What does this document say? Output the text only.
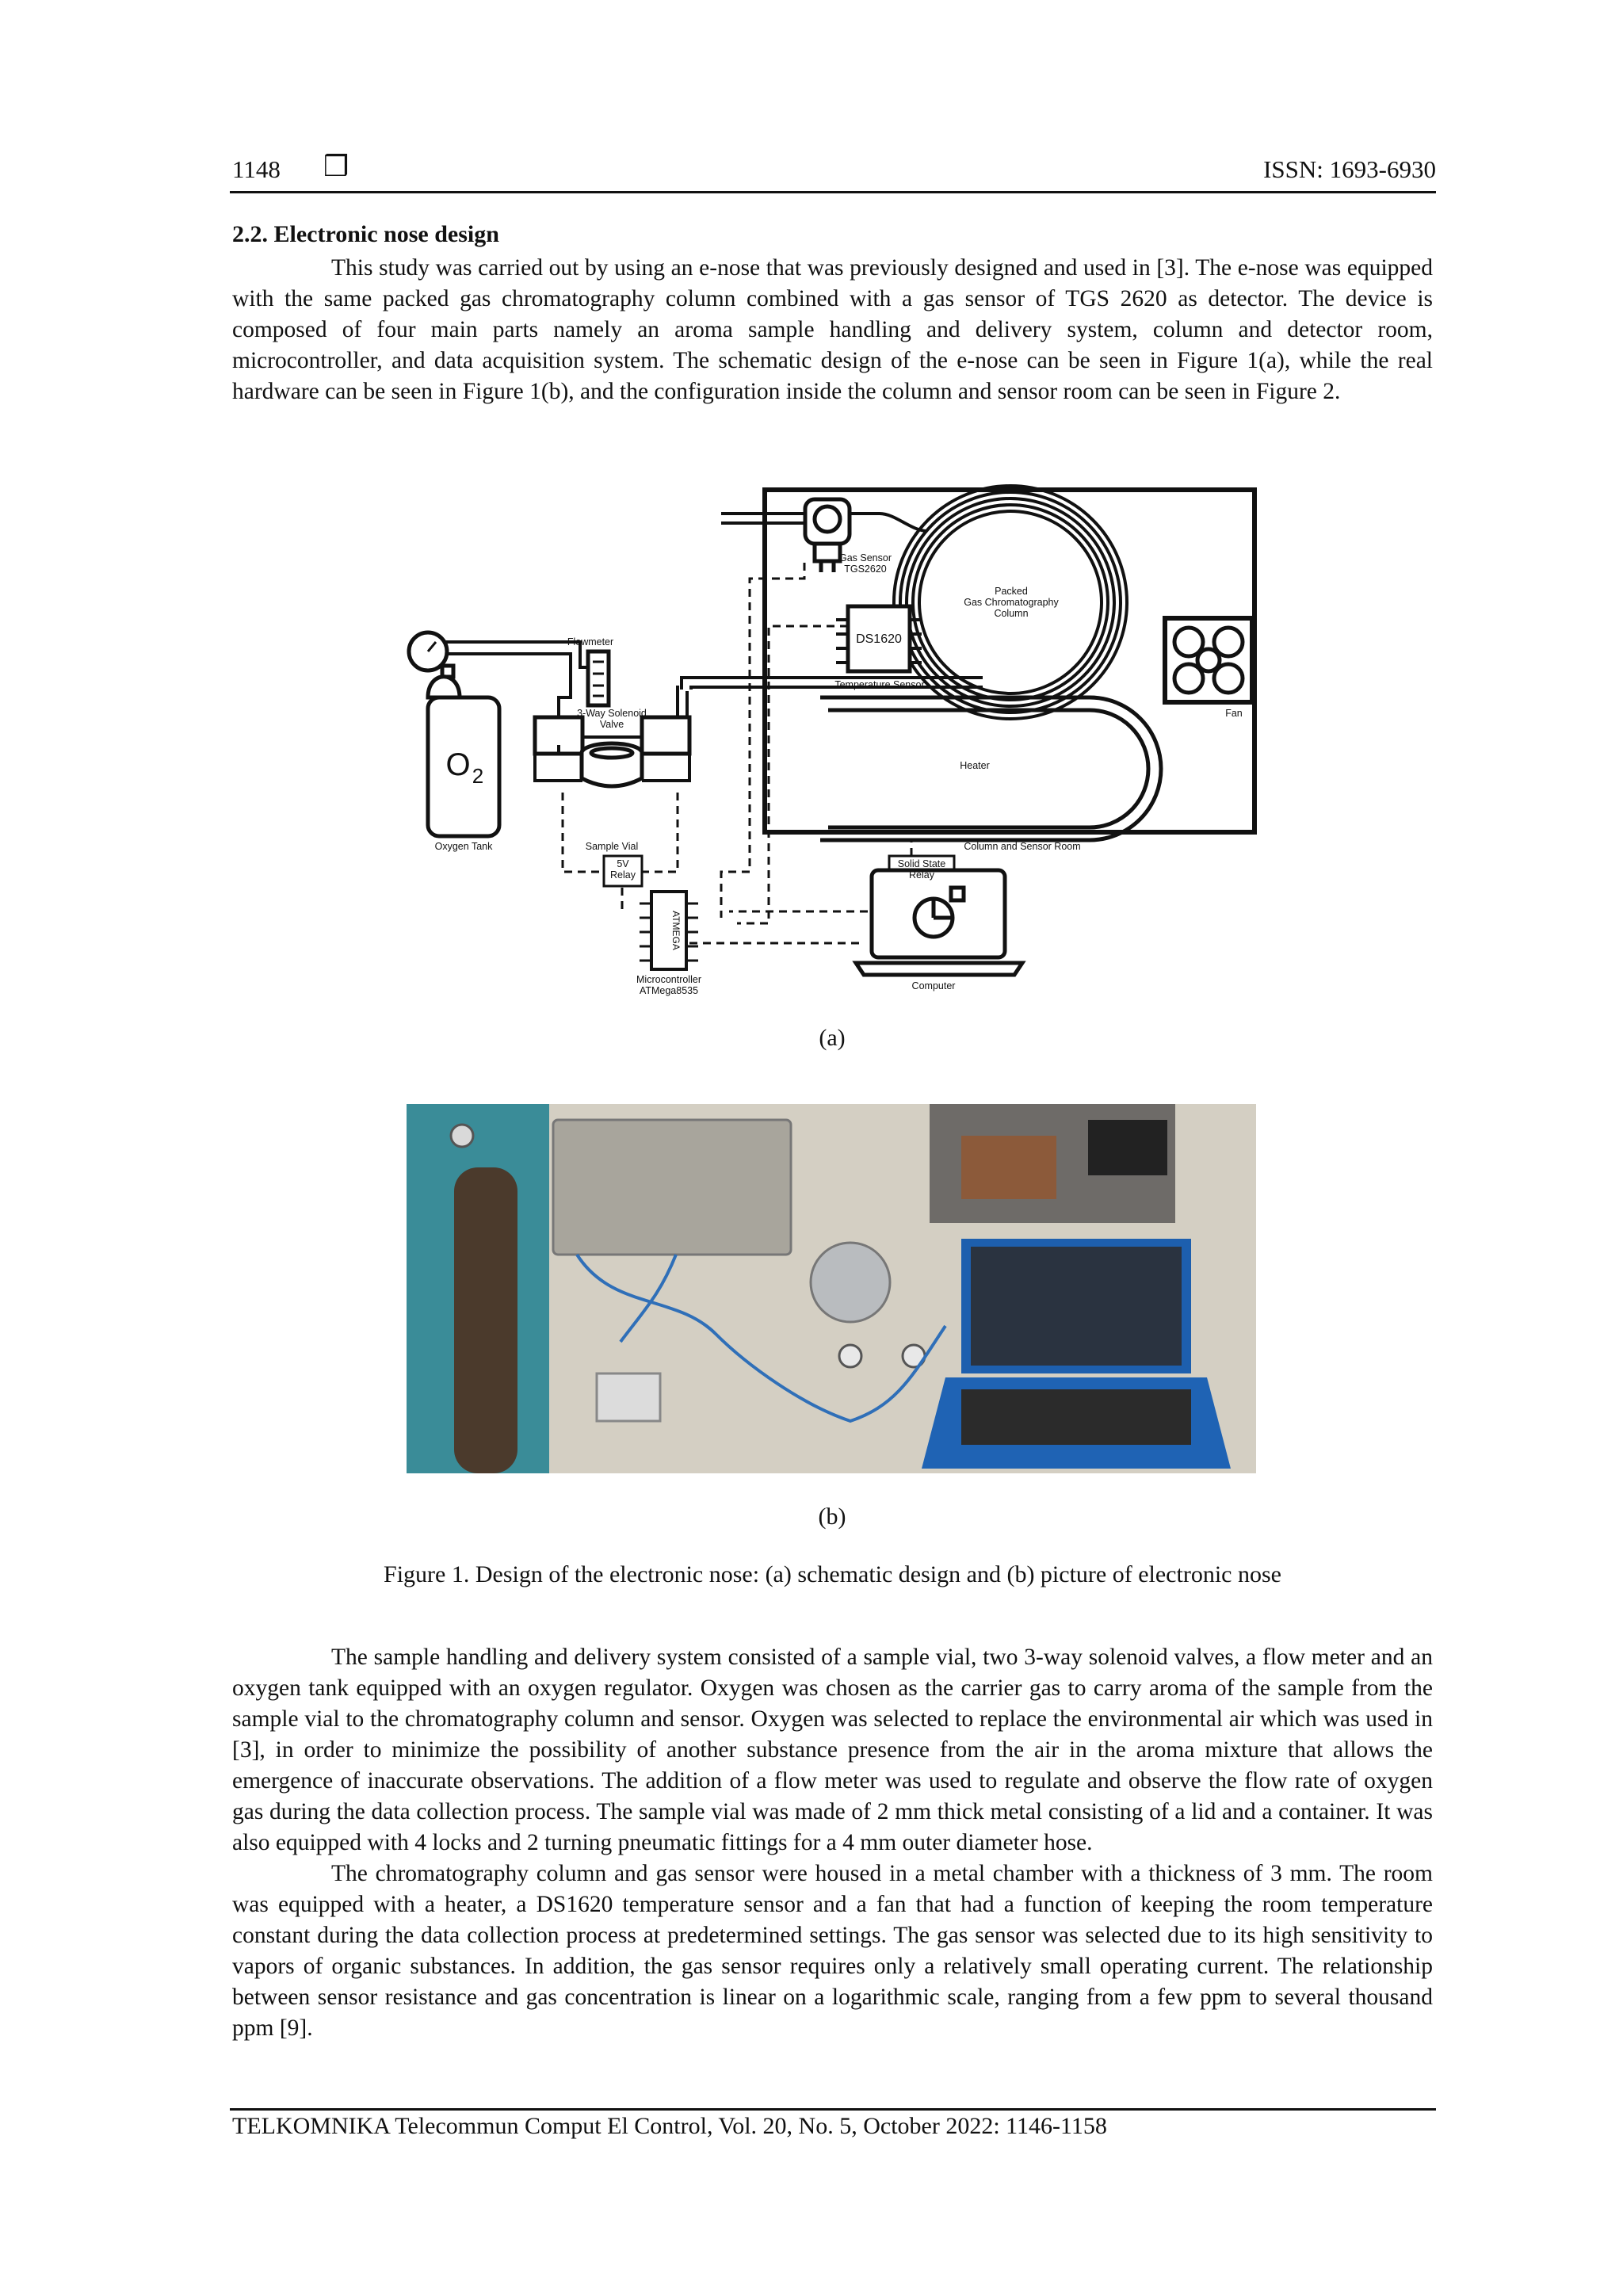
1148 ❒	ISSN: 1693-6930
2.2. Electronic nose design

This study was carried out by using an e-nose that was previously designed and used in [3]. The e-nose was equipped with the same packed gas chromatography column combined with a gas sensor of TGS 2620 as detector. The device is composed of four main parts namely an aroma sample handling and delivery system, column and detector room, microcontroller, and data acquisition system. The schematic design of the e-nose can be seen in Figure 1(a), while the real hardware can be seen in Figure 1(b), and the configuration inside the column and sensor room can be seen in Figure 2.

Gas Sensor
TGS2620
Packed
Gas Chromatography
Column
DS1620
Temperature Sensor
Fan
Flowmeter
3-Way Solenoid
Valve
O 2
Oxygen Tank	Sample Vial
Heater
Column and Sensor Room
5V
Relay
Solid State
Relay
ATMEGA
Microcontroller
ATMega8535	Computer
(a)
(b)
Figure 1. Design of the electronic nose: (a) schematic design and (b) picture of electronic nose

The sample handling and delivery system consisted of a sample vial, two 3-way solenoid valves, a flow meter and an oxygen tank equipped with an oxygen regulator. Oxygen was chosen as the carrier gas to carry aroma of the sample from the sample vial to the chromatography column and sensor. Oxygen was selected to replace the environmental air which was used in [3], in order to minimize the possibility of another substance presence from the air in the aroma mixture that allows the emergence of inaccurate observations. The addition of a flow meter was used to regulate and observe the flow rate of oxygen gas during the data collection process. The sample vial was made of 2 mm thick metal consisting of a lid and a container. It was also equipped with 4 locks and 2 turning pneumatic fittings for a 4 mm outer diameter hose.

The chromatography column and gas sensor were housed in a metal chamber with a thickness of 3 mm. The room was equipped with a heater, a DS1620 temperature sensor and a fan that had a function of keeping the room temperature constant during the data collection process at predetermined settings. The gas sensor was selected due to its high sensitivity to vapors of organic substances. In addition, the gas sensor requires only a relatively small operating current. The relationship between sensor resistance and gas concentration is linear on a logarithmic scale, ranging from a few ppm to several thousand ppm [9].

TELKOMNIKA Telecommun Comput El Control, Vol. 20, No. 5, October 2022: 1146-1158
